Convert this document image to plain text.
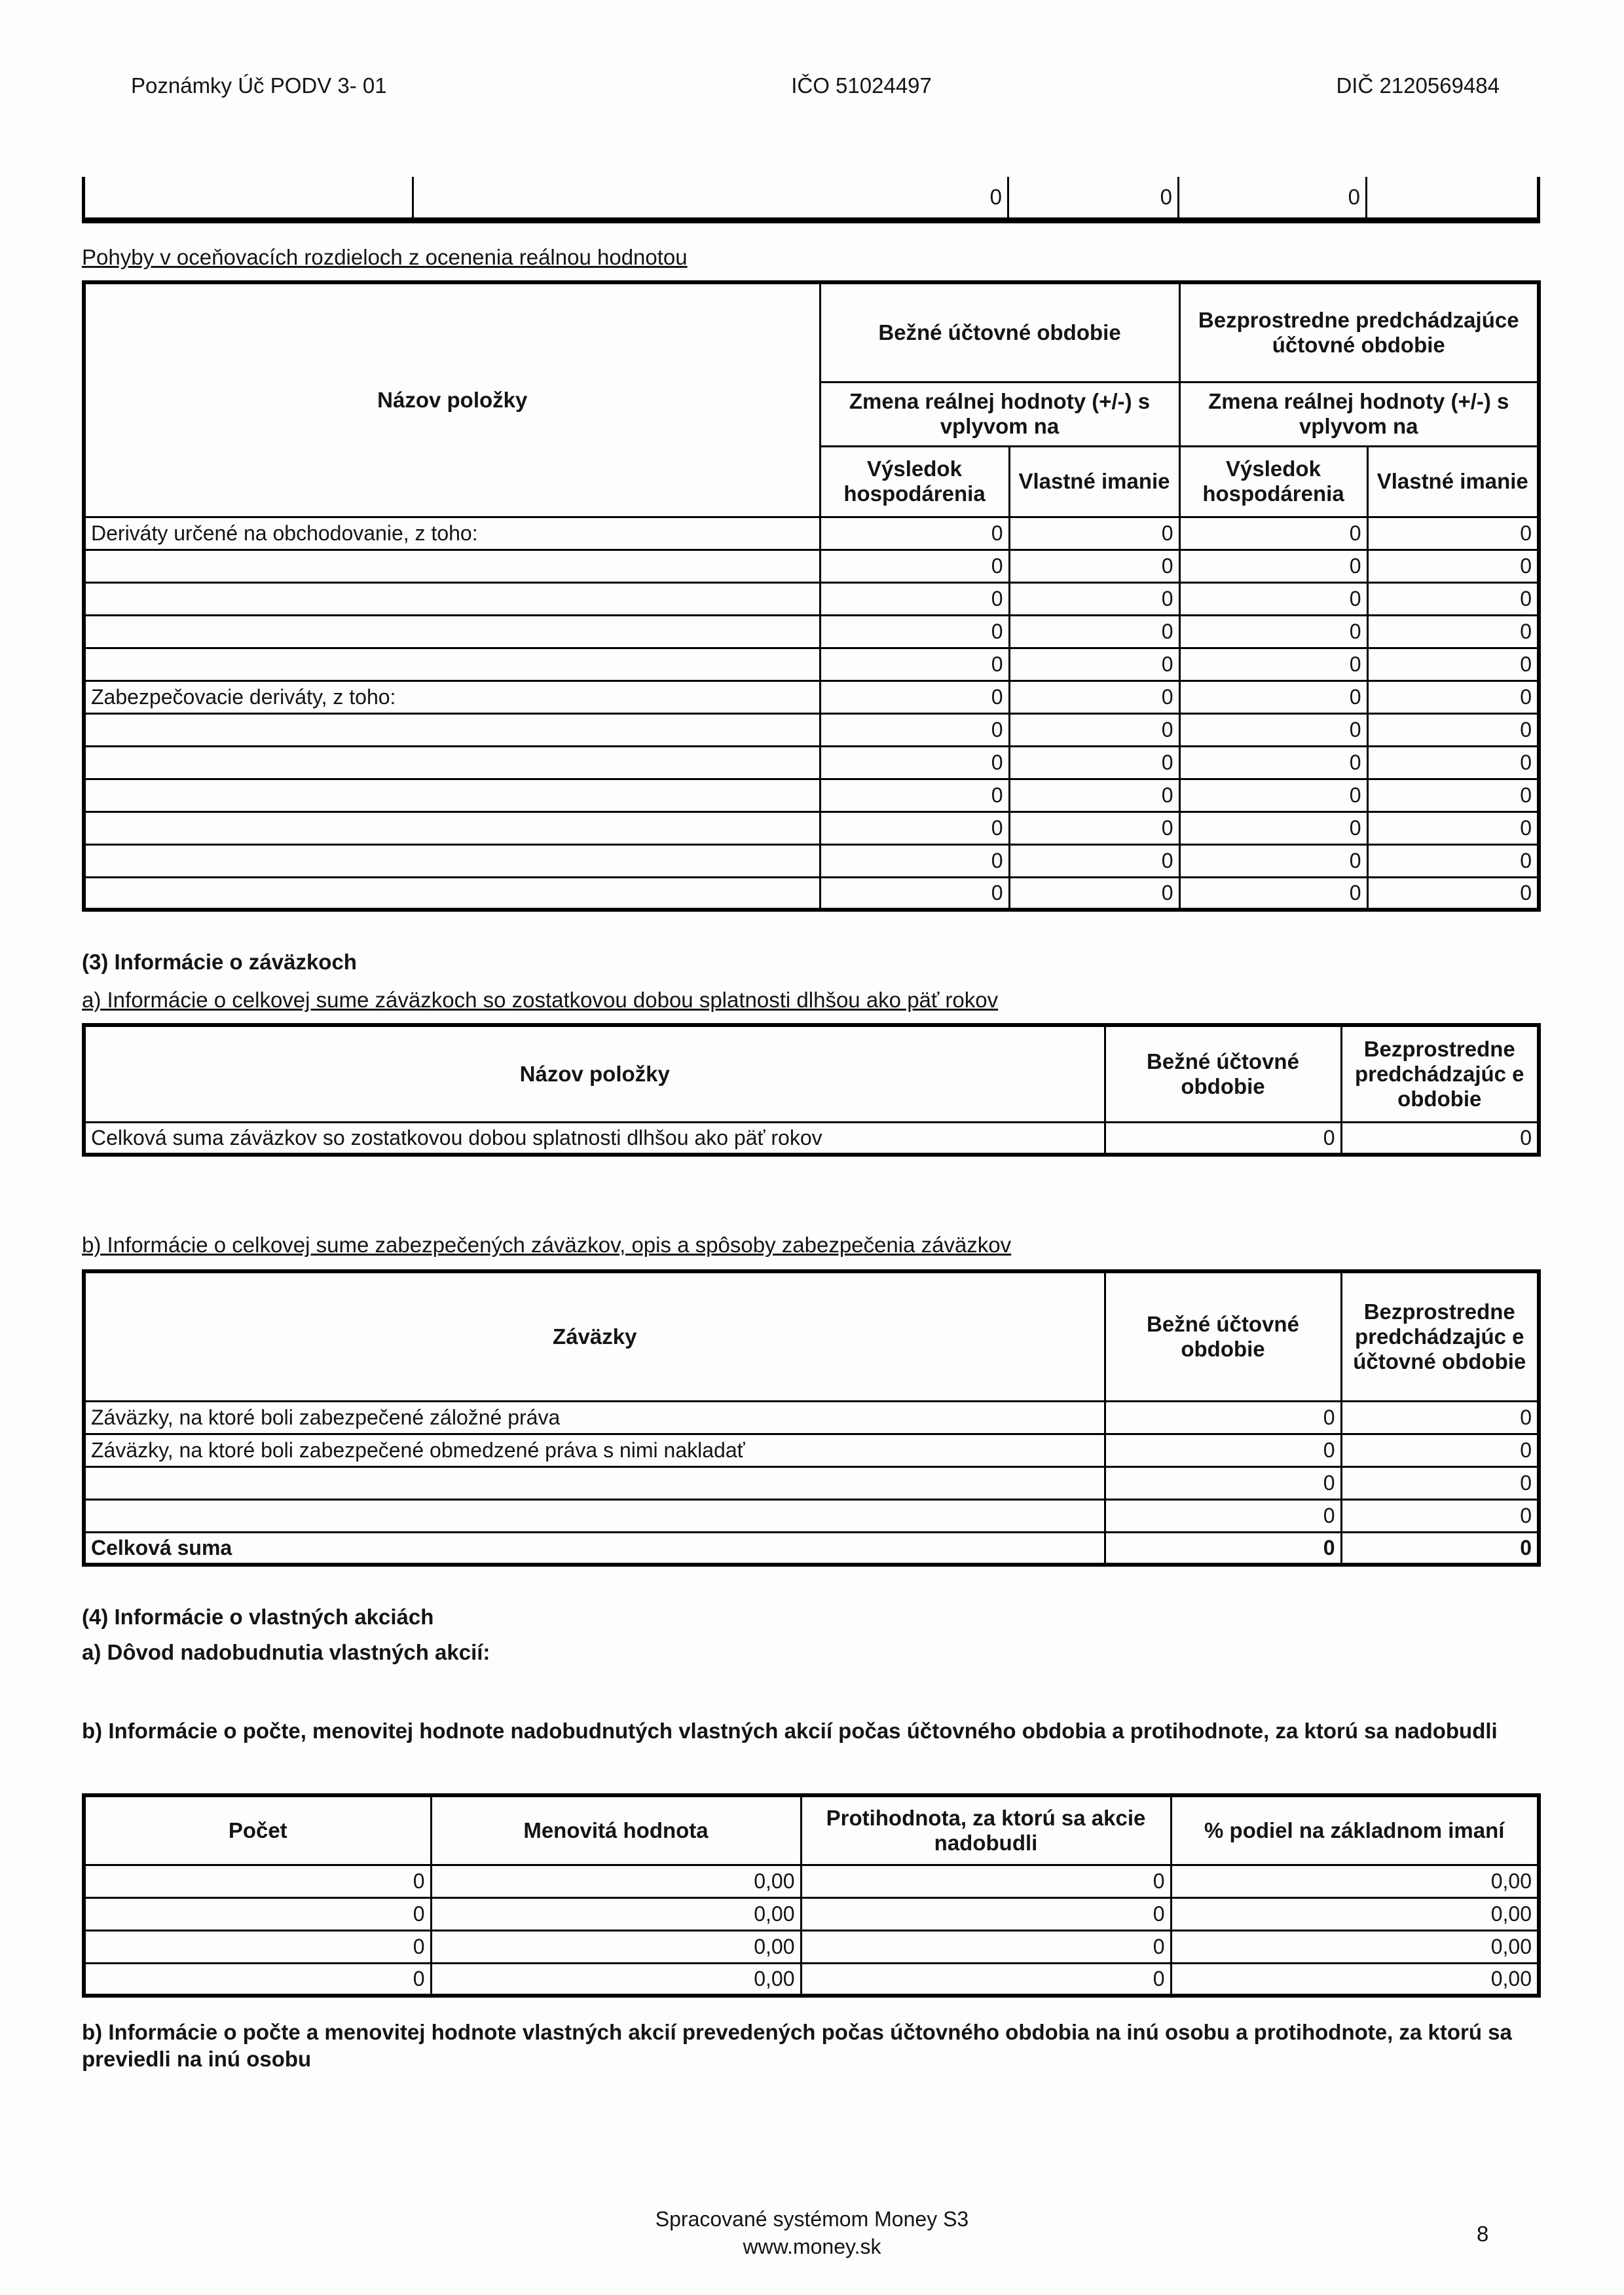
Poznámky Úč PODV 3- 01	IČO 51024497	DIČ 2120569484
	0	0	0	
Pohyby v oceňovacích rozdieloch z ocenenia reálnou hodnotou
Názov položky	Bežné účtovné obdobie		Bezprostredne predchádzajúce účtovné obdobie	
	Zmena reálnej hodnoty (+/-) s vplyvom na		Zmena reálnej hodnoty (+/-) s vplyvom na	
	Výsledok hospodárenia	Vlastné imanie	Výsledok hospodárenia	Vlastné imanie
Deriváty určené na obchodovanie, z toho:	0	0	0	0
	0	0	0	0
	0	0	0	0
	0	0	0	0
	0	0	0	0
Zabezpečovacie deriváty, z toho:	0	0	0	0
	0	0	0	0
	0	0	0	0
	0	0	0	0
	0	0	0	0
	0	0	0	0
	0	0	0	0
(3) Informácie o záväzkoch
a) Informácie o celkovej sume záväzkoch so zostatkovou dobou splatnosti dlhšou ako päť rokov
Názov položky	Bežné účtovné obdobie	Bezprostredne predchádzajúc e obdobie
Celková suma záväzkov so zostatkovou dobou splatnosti dlhšou ako päť rokov	0	0
b) Informácie o celkovej sume zabezpečených záväzkov, opis a spôsoby zabezpečenia záväzkov
Záväzky	Bežné účtovné obdobie	Bezprostredne predchádzajúc e účtovné obdobie
Záväzky, na ktoré boli zabezpečené záložné práva	0	0
Záväzky, na ktoré boli zabezpečené obmedzené práva s nimi nakladať	0	0
	0	0
	0	0
Celková suma	0	0
(4) Informácie o vlastných akciách
a) Dôvod nadobudnutia vlastných akcií:
b) Informácie o počte, menovitej hodnote nadobudnutých vlastných akcií počas účtovného obdobia a protihodnote, za ktorú sa nadobudli
Počet	Menovitá hodnota	Protihodnota, za ktorú sa akcie nadobudli	% podiel na základnom imaní
0	0,00	0	0,00
0	0,00	0	0,00
0	0,00	0	0,00
0	0,00	0	0,00
b) Informácie o počte a menovitej hodnote vlastných akcií prevedených počas účtovného obdobia na inú osobu a protihodnote, za ktorú sa previedli na inú osobu
Spracované systémom Money S3
www.money.sk
8
